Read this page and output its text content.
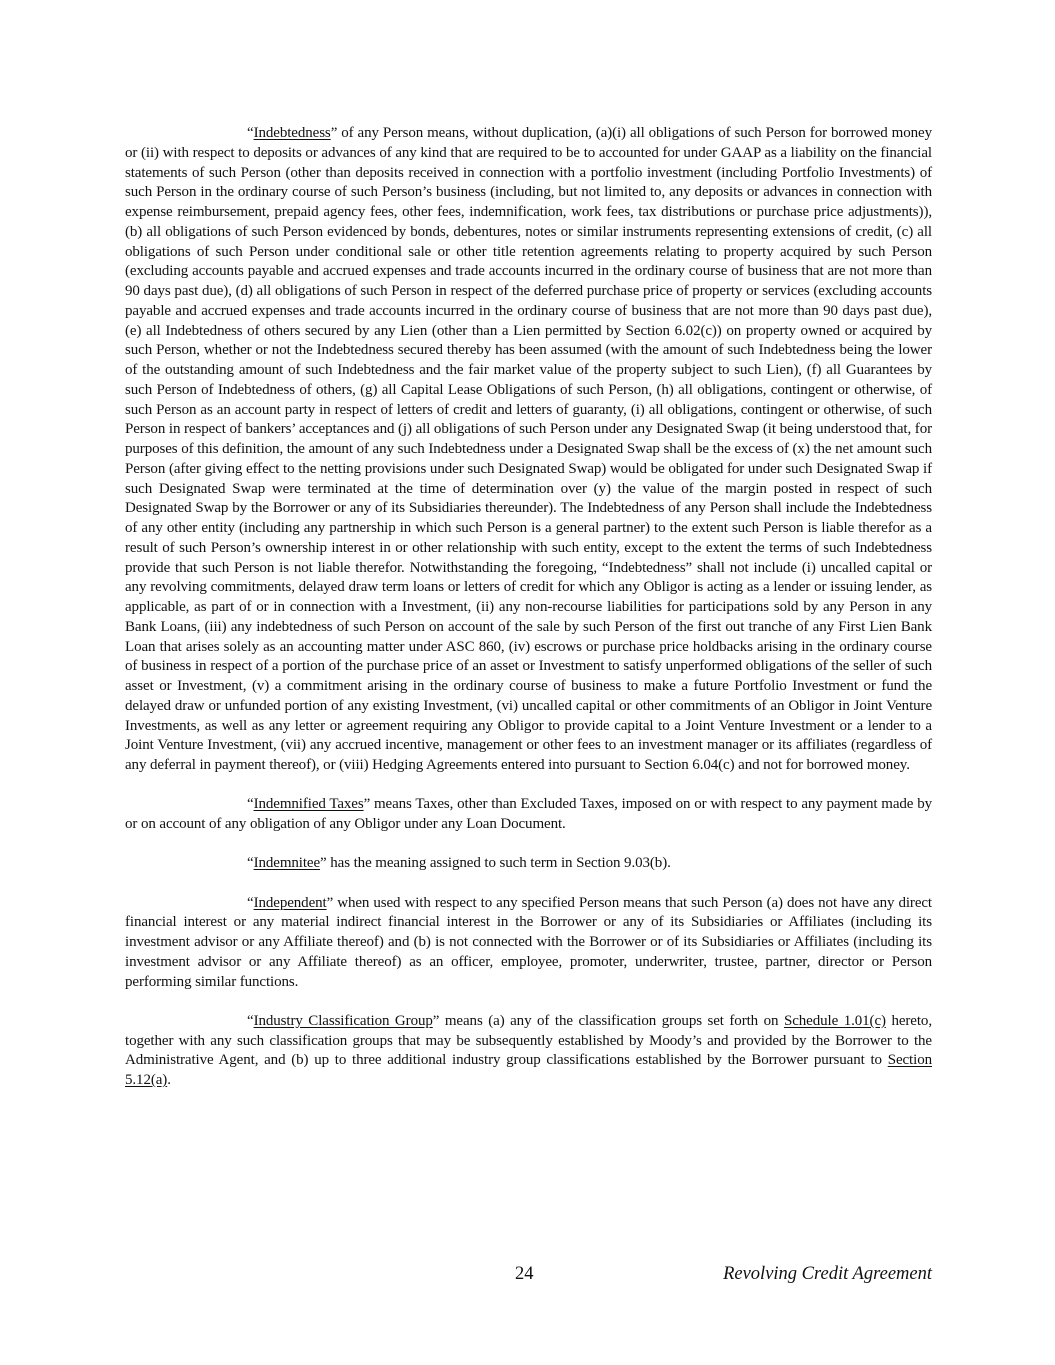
“Indebtedness” of any Person means, without duplication, (a)(i) all obligations of such Person for borrowed money or (ii) with respect to deposits or advances of any kind that are required to be to accounted for under GAAP as a liability on the financial statements of such Person (other than deposits received in connection with a portfolio investment (including Portfolio Investments) of such Person in the ordinary course of such Person’s business (including, but not limited to, any deposits or advances in connection with expense reimbursement, prepaid agency fees, other fees, indemnification, work fees, tax distributions or purchase price adjustments)), (b) all obligations of such Person evidenced by bonds, debentures, notes or similar instruments representing extensions of credit, (c) all obligations of such Person under conditional sale or other title retention agreements relating to property acquired by such Person (excluding accounts payable and accrued expenses and trade accounts incurred in the ordinary course of business that are not more than 90 days past due), (d) all obligations of such Person in respect of the deferred purchase price of property or services (excluding accounts payable and accrued expenses and trade accounts incurred in the ordinary course of business that are not more than 90 days past due), (e) all Indebtedness of others secured by any Lien (other than a Lien permitted by Section 6.02(c)) on property owned or acquired by such Person, whether or not the Indebtedness secured thereby has been assumed (with the amount of such Indebtedness being the lower of the outstanding amount of such Indebtedness and the fair market value of the property subject to such Lien), (f) all Guarantees by such Person of Indebtedness of others, (g) all Capital Lease Obligations of such Person, (h) all obligations, contingent or otherwise, of such Person as an account party in respect of letters of credit and letters of guaranty, (i) all obligations, contingent or otherwise, of such Person in respect of bankers’ acceptances and (j) all obligations of such Person under any Designated Swap (it being understood that, for purposes of this definition, the amount of any such Indebtedness under a Designated Swap shall be the excess of (x) the net amount such Person (after giving effect to the netting provisions under such Designated Swap) would be obligated for under such Designated Swap if such Designated Swap were terminated at the time of determination over (y) the value of the margin posted in respect of such Designated Swap by the Borrower or any of its Subsidiaries thereunder). The Indebtedness of any Person shall include the Indebtedness of any other entity (including any partnership in which such Person is a general partner) to the extent such Person is liable therefor as a result of such Person’s ownership interest in or other relationship with such entity, except to the extent the terms of such Indebtedness provide that such Person is not liable therefor. Notwithstanding the foregoing, “Indebtedness” shall not include (i) uncalled capital or any revolving commitments, delayed draw term loans or letters of credit for which any Obligor is acting as a lender or issuing lender, as applicable, as part of or in connection with a Investment, (ii) any non-recourse liabilities for participations sold by any Person in any Bank Loans, (iii) any indebtedness of such Person on account of the sale by such Person of the first out tranche of any First Lien Bank Loan that arises solely as an accounting matter under ASC 860, (iv) escrows or purchase price holdbacks arising in the ordinary course of business in respect of a portion of the purchase price of an asset or Investment to satisfy unperformed obligations of the seller of such asset or Investment, (v) a commitment arising in the ordinary course of business to make a future Portfolio Investment or fund the delayed draw or unfunded portion of any existing Investment, (vi) uncalled capital or other commitments of an Obligor in Joint Venture Investments, as well as any letter or agreement requiring any Obligor to provide capital to a Joint Venture Investment or a lender to a Joint Venture Investment, (vii) any accrued incentive, management or other fees to an investment manager or its affiliates (regardless of any deferral in payment thereof), or (viii) Hedging Agreements entered into pursuant to Section 6.04(c) and not for borrowed money.

“Indemnified Taxes” means Taxes, other than Excluded Taxes, imposed on or with respect to any payment made by or on account of any obligation of any Obligor under any Loan Document.

“Indemnitee” has the meaning assigned to such term in Section 9.03(b).

“Independent” when used with respect to any specified Person means that such Person (a) does not have any direct financial interest or any material indirect financial interest in the Borrower or any of its Subsidiaries or Affiliates (including its investment advisor or any Affiliate thereof) and (b) is not connected with the Borrower or of its Subsidiaries or Affiliates (including its investment advisor or any Affiliate thereof) as an officer, employee, promoter, underwriter, trustee, partner, director or Person performing similar functions.

“Industry Classification Group” means (a) any of the classification groups set forth on Schedule 1.01(c) hereto, together with any such classification groups that may be subsequently established by Moody’s and provided by the Borrower to the Administrative Agent, and (b) up to three additional industry group classifications established by the Borrower pursuant to Section 5.12(a).

24	Revolving Credit Agreement
